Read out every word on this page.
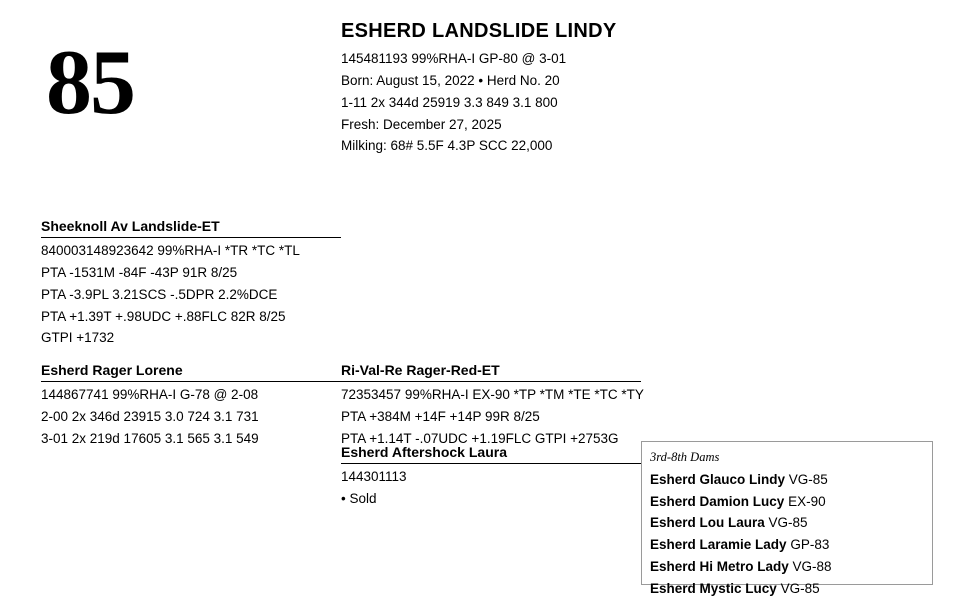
85	ESHERD LANDSLIDE LINDY
145481193 99%RHA-I GP-80 @ 3-01
Born: August 15, 2022 • Herd No. 20
1-11 2x 344d 25919 3.3 849 3.1 800
Fresh: December 27, 2025
Milking: 68# 5.5F 4.3P SCC 22,000
Sheeknoll Av Landslide-ET
840003148923642 99%RHA-I *TR *TC *TL
PTA -1531M -84F -43P 91R 8/25
PTA -3.9PL 3.21SCS -.5DPR 2.2%DCE
PTA +1.39T +.98UDC +.88FLC 82R 8/25
GTPI +1732
Esherd Rager Lorene
144867741 99%RHA-I G-78 @ 2-08
2-00 2x 346d 23915 3.0 724 3.1 731
3-01 2x 219d 17605 3.1 565 3.1 549
Ri-Val-Re Rager-Red-ET
72353457 99%RHA-I EX-90 *TP *TM *TE *TC *TY
PTA +384M +14F +14P 99R 8/25
PTA +1.14T -.07UDC +1.19FLC GTPI +2753G
Esherd Aftershock Laura
144301113
• Sold
3rd-8th Dams
Esherd Glauco Lindy VG-85
Esherd Damion Lucy EX-90
Esherd Lou Laura VG-85
Esherd Laramie Lady GP-83
Esherd Hi Metro Lady VG-88
Esherd Mystic Lucy VG-85
